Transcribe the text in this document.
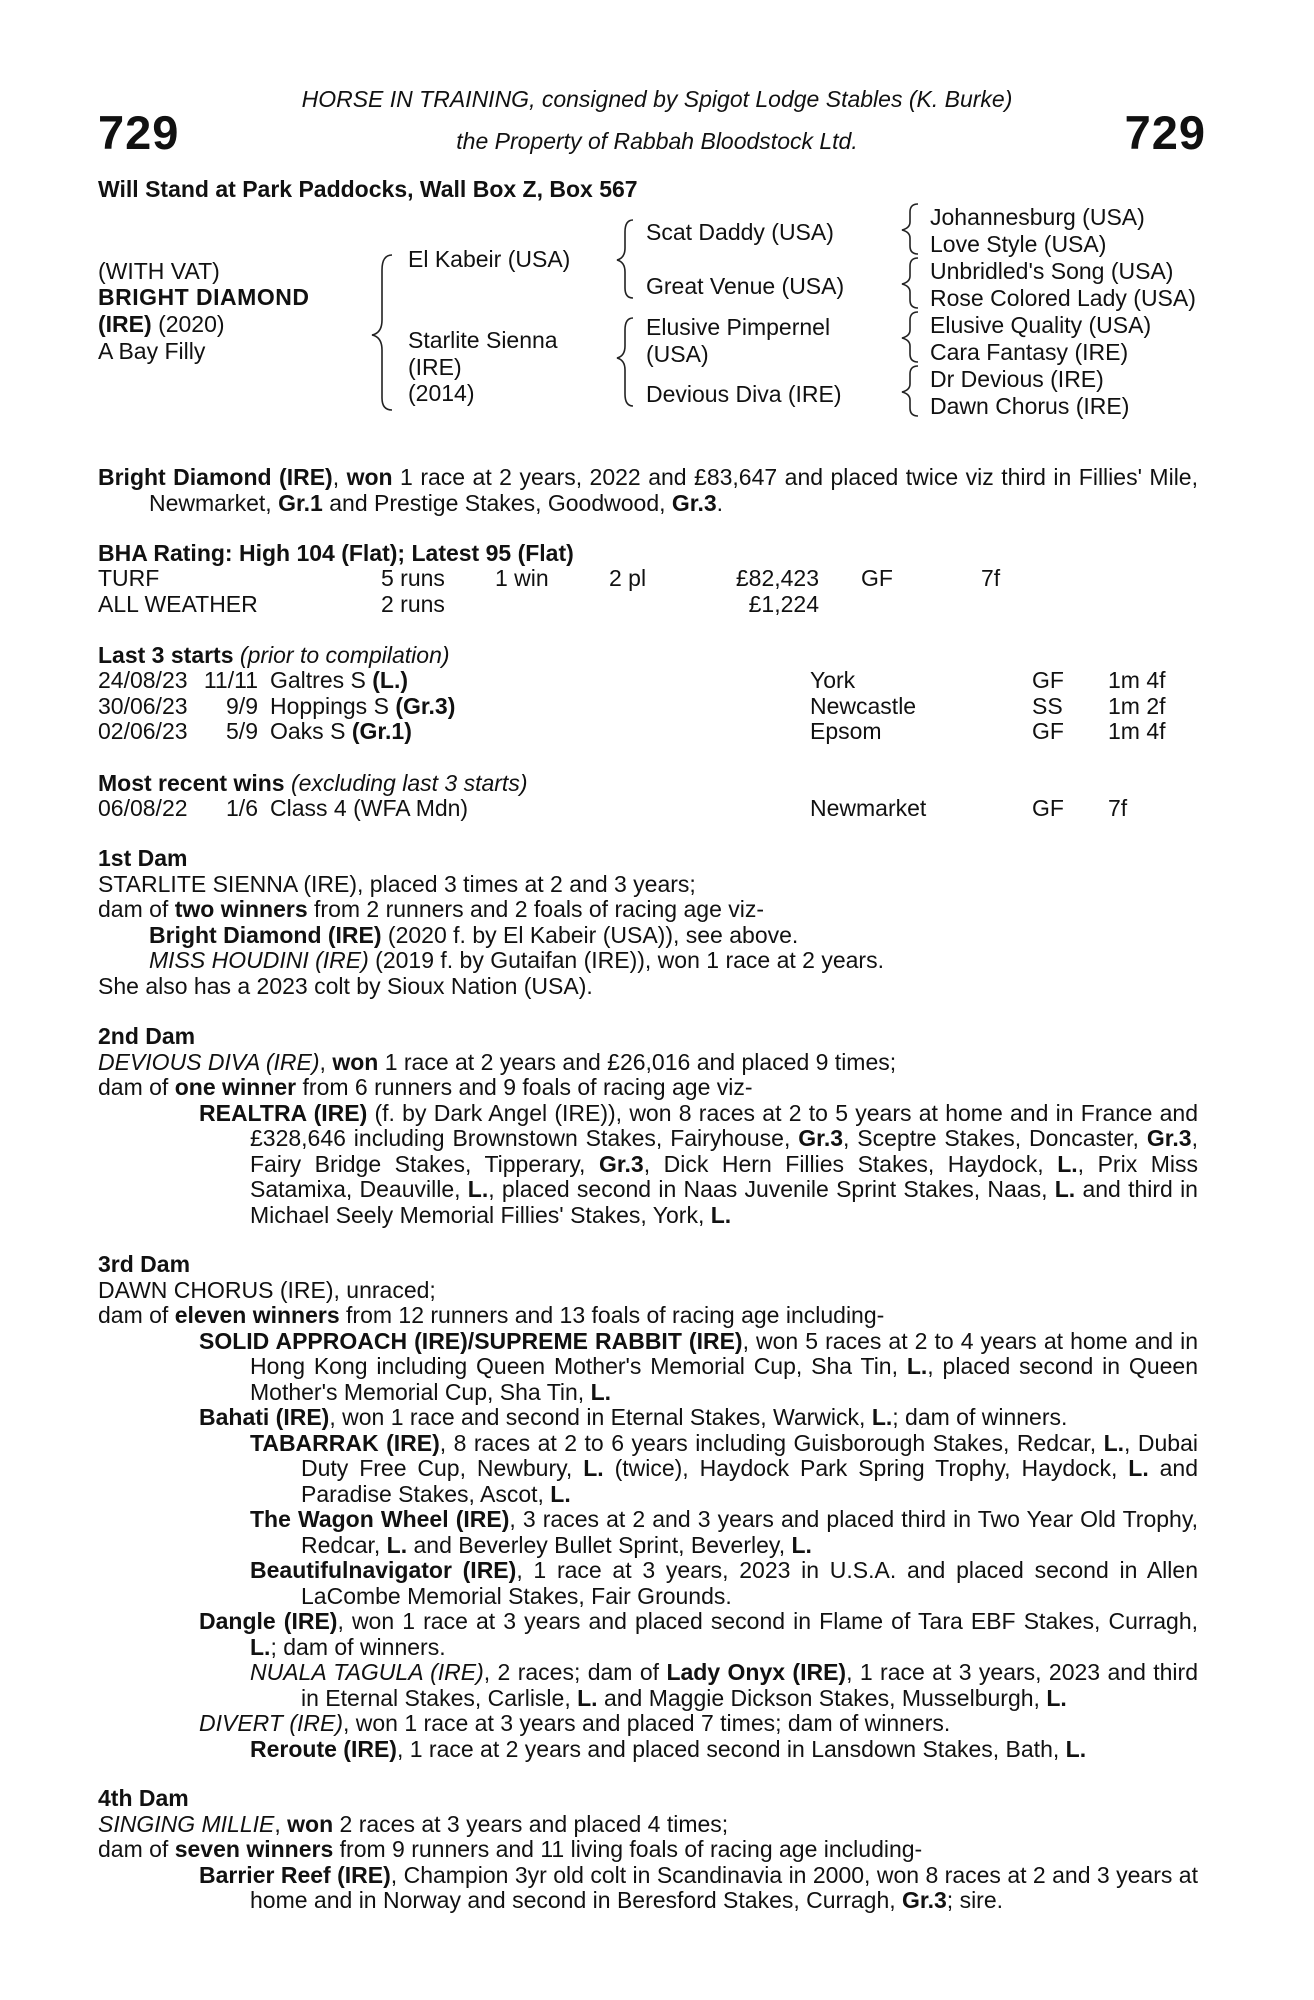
729	729
HORSE IN TRAINING, consigned by Spigot Lodge Stables (K. Burke)
the Property of Rabbah Bloodstock Ltd.
Will Stand at Park Paddocks, Wall Box Z, Box 567
(WITH VAT)
BRIGHT DIAMOND
(IRE) (2020)
A Bay Filly
El Kabeir (USA)
Starlite Sienna
(IRE)
(2014)
Scat Daddy (USA)
Great Venue (USA)
Elusive Pimpernel
(USA)
Devious Diva (IRE)
Johannesburg (USA)
Love Style (USA)
Unbridled's Song (USA)
Rose Colored Lady (USA)
Elusive Quality (USA)
Cara Fantasy (IRE)
Dr Devious (IRE)
Dawn Chorus (IRE)

Bright Diamond (IRE), won 1 race at 2 years, 2022 and £83,647 and placed twice viz third in Fillies' Mile, Newmarket, Gr.1 and Prestige Stakes, Goodwood, Gr.3.

BHA Rating: High 104 (Flat); Latest 95 (Flat)
TURF	5 runs	1 win	2 pl	£82,423	GF	7f
ALL WEATHER	2 runs			£1,224		
Last 3 starts (prior to compilation)
24/08/23	11/11	Galtres S (L.)	York	GF	1m 4f
30/06/23	9/9	Hoppings S (Gr.3)	Newcastle	SS	1m 2f
02/06/23	5/9	Oaks S (Gr.1)	Epsom	GF	1m 4f
Most recent wins (excluding last 3 starts)
06/08/22	1/6	Class 4 (WFA Mdn)	Newmarket	GF	7f

1st Dam

STARLITE SIENNA (IRE), placed 3 times at 2 and 3 years;

dam of two winners from 2 runners and 2 foals of racing age viz-

Bright Diamond (IRE) (2020 f. by El Kabeir (USA)), see above.

MISS HOUDINI (IRE) (2019 f. by Gutaifan (IRE)), won 1 race at 2 years.

She also has a 2023 colt by Sioux Nation (USA).

2nd Dam

DEVIOUS DIVA (IRE), won 1 race at 2 years and £26,016 and placed 9 times;

dam of one winner from 6 runners and 9 foals of racing age viz-

REALTRA (IRE) (f. by Dark Angel (IRE)), won 8 races at 2 to 5 years at home and in France and £328,646 including Brownstown Stakes, Fairyhouse, Gr.3, Sceptre Stakes, Doncaster, Gr.3, Fairy Bridge Stakes, Tipperary, Gr.3, Dick Hern Fillies Stakes, Haydock, L., Prix Miss Satamixa, Deauville, L., placed second in Naas Juvenile Sprint Stakes, Naas, L. and third in Michael Seely Memorial Fillies' Stakes, York, L.

3rd Dam

DAWN CHORUS (IRE), unraced;

dam of eleven winners from 12 runners and 13 foals of racing age including-

SOLID APPROACH (IRE)/SUPREME RABBIT (IRE), won 5 races at 2 to 4 years at home and in Hong Kong including Queen Mother's Memorial Cup, Sha Tin, L., placed second in Queen Mother's Memorial Cup, Sha Tin, L.

Bahati (IRE), won 1 race and second in Eternal Stakes, Warwick, L.; dam of winners.

TABARRAK (IRE), 8 races at 2 to 6 years including Guisborough Stakes, Redcar, L., Dubai Duty Free Cup, Newbury, L. (twice), Haydock Park Spring Trophy, Haydock, L. and Paradise Stakes, Ascot, L.

The Wagon Wheel (IRE), 3 races at 2 and 3 years and placed third in Two Year Old Trophy, Redcar, L. and Beverley Bullet Sprint, Beverley, L.

Beautifulnavigator (IRE), 1 race at 3 years, 2023 in U.S.A. and placed second in Allen LaCombe Memorial Stakes, Fair Grounds.

Dangle (IRE), won 1 race at 3 years and placed second in Flame of Tara EBF Stakes, Curragh, L.; dam of winners.

NUALA TAGULA (IRE), 2 races; dam of Lady Onyx (IRE), 1 race at 3 years, 2023 and third in Eternal Stakes, Carlisle, L. and Maggie Dickson Stakes, Musselburgh, L.

DIVERT (IRE), won 1 race at 3 years and placed 7 times; dam of winners.

Reroute (IRE), 1 race at 2 years and placed second in Lansdown Stakes, Bath, L.

4th Dam

SINGING MILLIE, won 2 races at 3 years and placed 4 times;

dam of seven winners from 9 runners and 11 living foals of racing age including-

Barrier Reef (IRE), Champion 3yr old colt in Scandinavia in 2000, won 8 races at 2 and 3 years at home and in Norway and second in Beresford Stakes, Curragh, Gr.3; sire.
